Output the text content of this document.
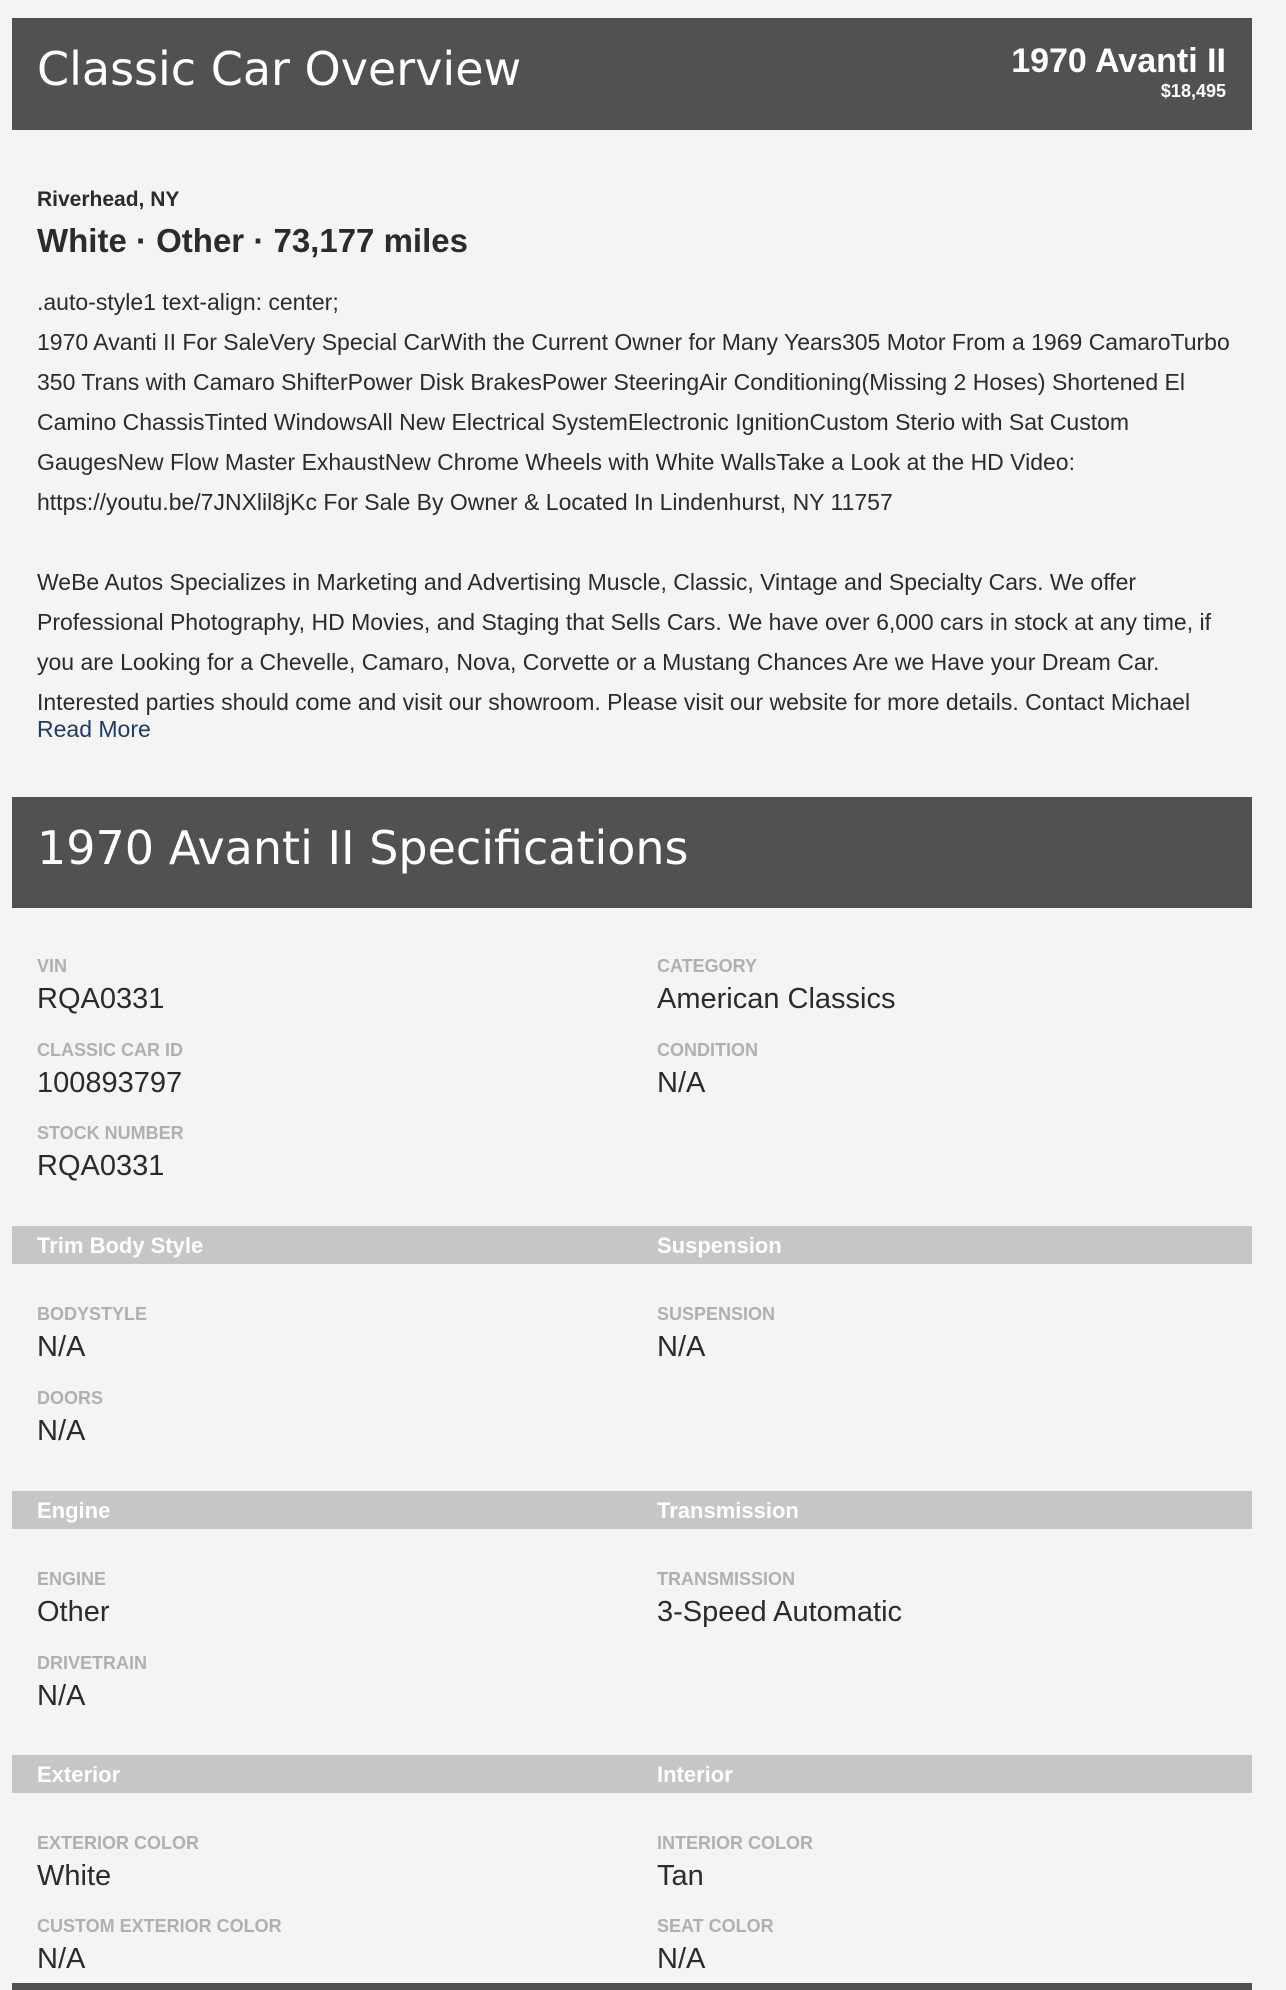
Classic Car Overview	1970 Avanti II
$18,495
Riverhead, NY
White · Other · 73,177 miles
.auto-style1 text-align: center;

1970 Avanti II For SaleVery Special CarWith the Current Owner for Many Years305 Motor From a 1969 CamaroTurbo 350 Trans with Camaro ShifterPower Disk BrakesPower SteeringAir Conditioning(Missing 2 Hoses) Shortened El Camino ChassisTinted WindowsAll New Electrical SystemElectronic IgnitionCustom Sterio with Sat Custom GaugesNew Flow Master ExhaustNew Chrome Wheels with White WallsTake a Look at the HD Video: https://youtu.be/7JNXlil8jKc For Sale By Owner & Located In Lindenhurst, NY 11757

WeBe Autos Specializes in Marketing and Advertising Muscle, Classic, Vintage and Specialty Cars. We offer Professional Photography, HD Movies, and Staging that Sells Cars. We have over 6,000 cars in stock at any time, if you are Looking for a Chevelle, Camaro, Nova, Corvette or a Mustang Chances Are we Have your Dream Car. Interested parties should come and visit our showroom. Please visit our website for more details. Contact Michael

Read More
1970 Avanti II Specifications
VIN
RQA0331
CATEGORY
American Classics
CLASSIC CAR ID
100893797
CONDITION
N/A
STOCK NUMBER
RQA0331
Trim Body Style	Suspension
BODYSTYLE
N/A
SUSPENSION
N/A
DOORS
N/A
Engine	Transmission
ENGINE
Other
TRANSMISSION
3-Speed Automatic
DRIVETRAIN
N/A
Exterior	Interior
EXTERIOR COLOR
White
INTERIOR COLOR
Tan
CUSTOM EXTERIOR COLOR
N/A
SEAT COLOR
N/A
